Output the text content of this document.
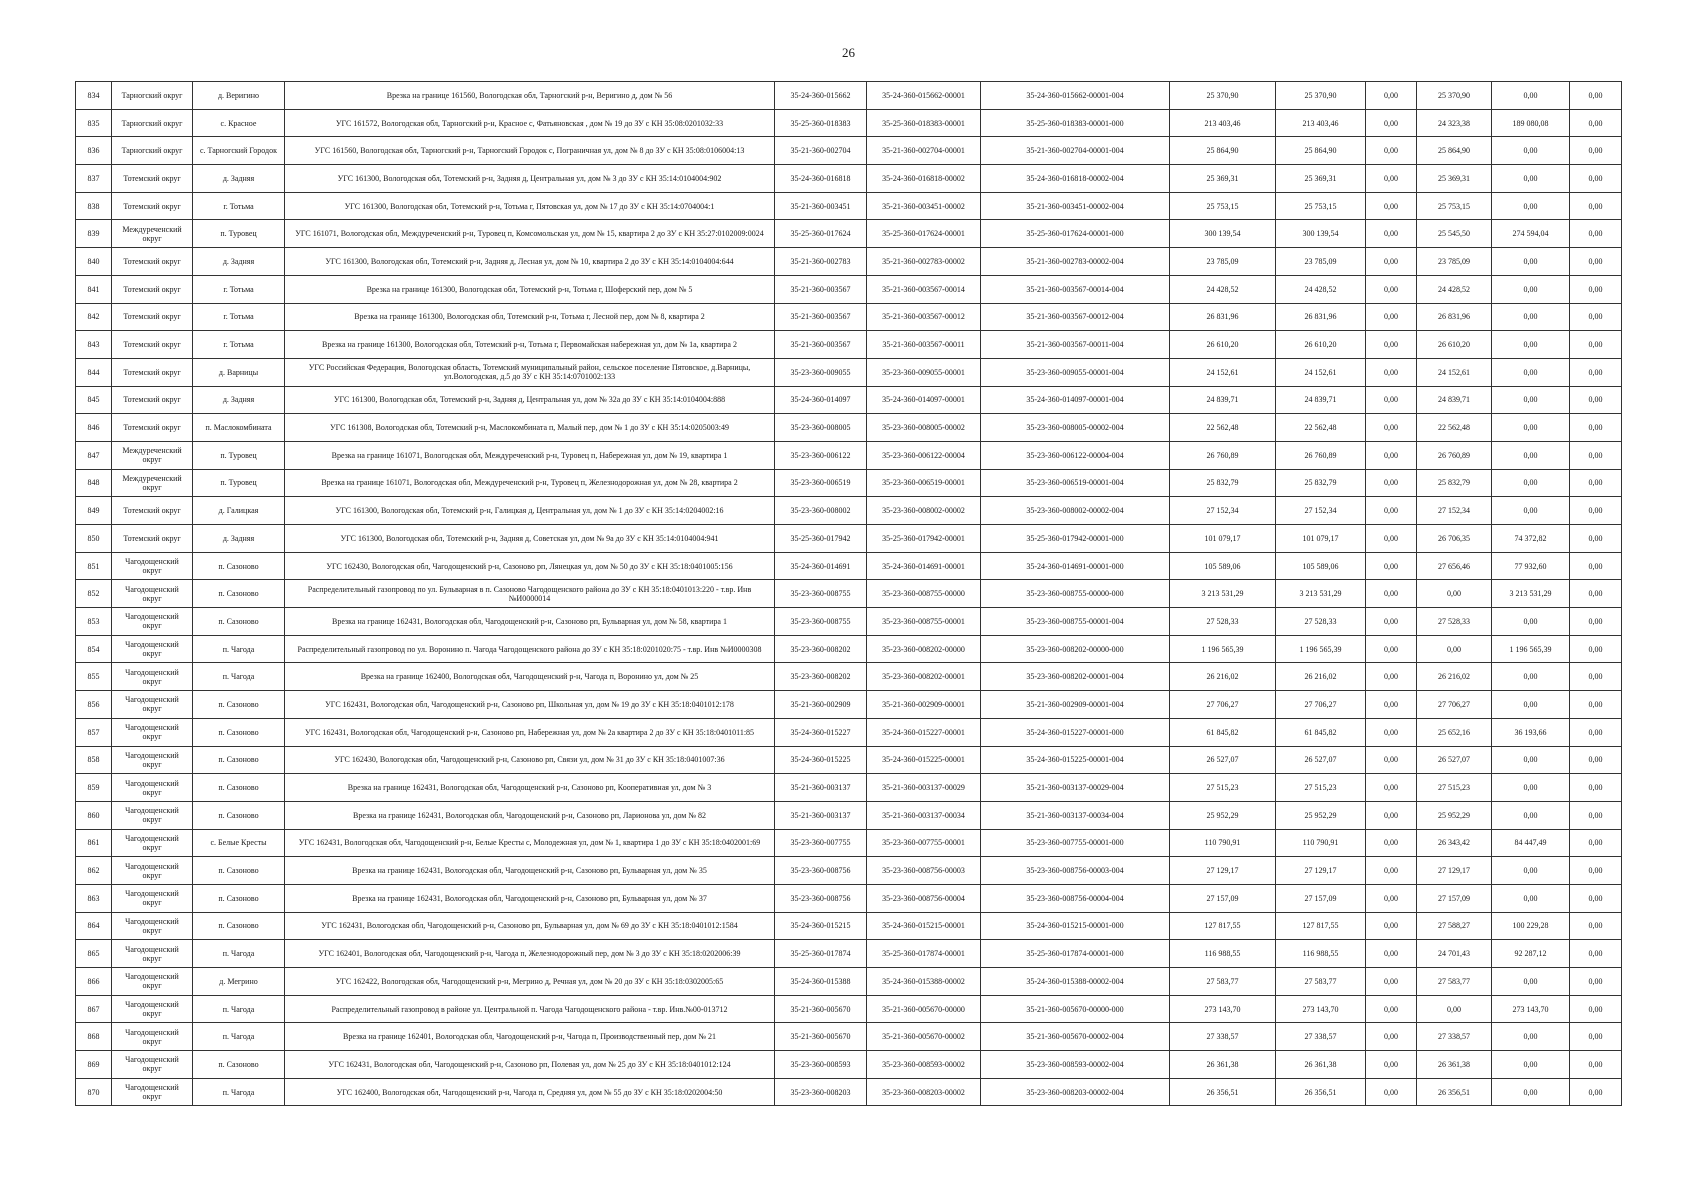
26
834	Тарногский округ	д. Веригино	Врезка на границе 161560, Вологодская обл, Тарногский р-н, Веригино д, дом № 56	35-24-360-015662	35-24-360-015662-00001	35-24-360-015662-00001-004	25 370,90	25 370,90	0,00	25 370,90	0,00	0,00
835	Тарногский округ	с. Красное	УГС 161572, Вологодская обл, Тарногский р-н, Красное с, Фатьяновская , дом № 19 до ЗУ с КН 35:08:0201032:33	35-25-360-018383	35-25-360-018383-00001	35-25-360-018383-00001-000	213 403,46	213 403,46	0,00	24 323,38	189 080,08	0,00
836	Тарногский округ	с. Тарногский Городок	УГС 161560, Вологодская обл, Тарногский р-н, Тарногский Городок с, Пограничная ул, дом № 8 до ЗУ с КН 35:08:0106004:13	35-21-360-002704	35-21-360-002704-00001	35-21-360-002704-00001-004	25 864,90	25 864,90	0,00	25 864,90	0,00	0,00
837	Тотемский округ	д. Задняя	УГС 161300, Вологодская обл, Тотемский р-н, Задняя д, Центральная ул, дом № 3 до ЗУ с КН 35:14:0104004:902	35-24-360-016818	35-24-360-016818-00002	35-24-360-016818-00002-004	25 369,31	25 369,31	0,00	25 369,31	0,00	0,00
838	Тотемский округ	г. Тотьма	УГС 161300, Вологодская обл, Тотемский р-н, Тотьма г, Пятовская ул, дом № 17 до ЗУ с КН 35:14:0704004:1	35-21-360-003451	35-21-360-003451-00002	35-21-360-003451-00002-004	25 753,15	25 753,15	0,00	25 753,15	0,00	0,00
839	Междуреченский округ	п. Туровец	УГС 161071, Вологодская обл, Междуреченский р-н, Туровец п, Комсомольская ул, дом № 15, квартира 2 до ЗУ с КН 35:27:0102009:0024	35-25-360-017624	35-25-360-017624-00001	35-25-360-017624-00001-000	300 139,54	300 139,54	0,00	25 545,50	274 594,04	0,00
840	Тотемский округ	д. Задняя	УГС 161300, Вологодская обл, Тотемский р-н, Задняя д, Лесная ул, дом № 10, квартира 2 до ЗУ с КН 35:14:0104004:644	35-21-360-002783	35-21-360-002783-00002	35-21-360-002783-00002-004	23 785,09	23 785,09	0,00	23 785,09	0,00	0,00
841	Тотемский округ	г. Тотьма	Врезка на границе 161300, Вологодская обл, Тотемский р-н, Тотьма г, Шоферский пер, дом № 5	35-21-360-003567	35-21-360-003567-00014	35-21-360-003567-00014-004	24 428,52	24 428,52	0,00	24 428,52	0,00	0,00
842	Тотемский округ	г. Тотьма	Врезка на границе 161300, Вологодская обл, Тотемский р-н, Тотьма г, Лесной пер, дом № 8, квартира 2	35-21-360-003567	35-21-360-003567-00012	35-21-360-003567-00012-004	26 831,96	26 831,96	0,00	26 831,96	0,00	0,00
843	Тотемский округ	г. Тотьма	Врезка на границе 161300, Вологодская обл, Тотемский р-н, Тотьма г, Первомайская набережная ул, дом № 1а, квартира 2	35-21-360-003567	35-21-360-003567-00011	35-21-360-003567-00011-004	26 610,20	26 610,20	0,00	26 610,20	0,00	0,00
844	Тотемский округ	д. Варницы	УГС Российская Федерация, Вологодская область, Тотемский муниципальный район, сельское поселение Пятовское, д.Варницы, ул.Вологодская, д.5 до ЗУ с КН 35:14:0701002:133	35-23-360-009055	35-23-360-009055-00001	35-23-360-009055-00001-004	24 152,61	24 152,61	0,00	24 152,61	0,00	0,00
845	Тотемский округ	д. Задняя	УГС 161300, Вологодская обл, Тотемский р-н, Задняя д, Центральная ул, дом № 32а до ЗУ с КН 35:14:0104004:888	35-24-360-014097	35-24-360-014097-00001	35-24-360-014097-00001-004	24 839,71	24 839,71	0,00	24 839,71	0,00	0,00
846	Тотемский округ	п. Маслокомбината	УГС 161308, Вологодская обл, Тотемский р-н, Маслокомбината п, Малый пер, дом № 1 до ЗУ с КН 35:14:0205003:49	35-23-360-008005	35-23-360-008005-00002	35-23-360-008005-00002-004	22 562,48	22 562,48	0,00	22 562,48	0,00	0,00
847	Междуреченский округ	п. Туровец	Врезка на границе 161071, Вологодская обл, Междуреченский р-н, Туровец п, Набережная ул, дом № 19, квартира 1	35-23-360-006122	35-23-360-006122-00004	35-23-360-006122-00004-004	26 760,89	26 760,89	0,00	26 760,89	0,00	0,00
848	Междуреченский округ	п. Туровец	Врезка на границе 161071, Вологодская обл, Междуреченский р-н, Туровец п, Железнодорожная ул, дом № 28, квартира 2	35-23-360-006519	35-23-360-006519-00001	35-23-360-006519-00001-004	25 832,79	25 832,79	0,00	25 832,79	0,00	0,00
849	Тотемский округ	д. Галицкая	УГС 161300, Вологодская обл, Тотемский р-н, Галицкая д, Центральная ул, дом № 1 до ЗУ с КН 35:14:0204002:16	35-23-360-008002	35-23-360-008002-00002	35-23-360-008002-00002-004	27 152,34	27 152,34	0,00	27 152,34	0,00	0,00
850	Тотемский округ	д. Задняя	УГС 161300, Вологодская обл, Тотемский р-н, Задняя д, Советская ул, дом № 9а до ЗУ с КН 35:14:0104004:941	35-25-360-017942	35-25-360-017942-00001	35-25-360-017942-00001-000	101 079,17	101 079,17	0,00	26 706,35	74 372,82	0,00
851	Чагодощенский округ	п. Сазоново	УГС 162430, Вологодская обл, Чагодощенский р-н, Сазоново рп, Лянецкая ул, дом № 50 до ЗУ с КН 35:18:0401005:156	35-24-360-014691	35-24-360-014691-00001	35-24-360-014691-00001-000	105 589,06	105 589,06	0,00	27 656,46	77 932,60	0,00
852	Чагодощенский округ	п. Сазоново	Распределительный газопровод по ул. Бульварная в п. Сазоново Чагодощенского района до ЗУ с КН 35:18:0401013:220 - т.вр. Инв №И0000014	35-23-360-008755	35-23-360-008755-00000	35-23-360-008755-00000-000	3 213 531,29	3 213 531,29	0,00	0,00	3 213 531,29	0,00
853	Чагодощенский округ	п. Сазоново	Врезка на границе 162431, Вологодская обл, Чагодощенский р-н, Сазоново рп, Бульварная ул, дом № 58, квартира 1	35-23-360-008755	35-23-360-008755-00001	35-23-360-008755-00001-004	27 528,33	27 528,33	0,00	27 528,33	0,00	0,00
854	Чагодощенский округ	п. Чагода	Распределительный газопровод по ул. Воронино п. Чагода Чагодощенского района до ЗУ с КН 35:18:0201020:75 - т.вр. Инв №И0000308	35-23-360-008202	35-23-360-008202-00000	35-23-360-008202-00000-000	1 196 565,39	1 196 565,39	0,00	0,00	1 196 565,39	0,00
855	Чагодощенский округ	п. Чагода	Врезка на границе 162400, Вологодская обл, Чагодощенский р-н, Чагода п, Воронино ул, дом № 25	35-23-360-008202	35-23-360-008202-00001	35-23-360-008202-00001-004	26 216,02	26 216,02	0,00	26 216,02	0,00	0,00
856	Чагодощенский округ	п. Сазоново	УГС 162431, Вологодская обл, Чагодощенский р-н, Сазоново рп, Школьная ул, дом № 19 до ЗУ с КН 35:18:0401012:178	35-21-360-002909	35-21-360-002909-00001	35-21-360-002909-00001-004	27 706,27	27 706,27	0,00	27 706,27	0,00	0,00
857	Чагодощенский округ	п. Сазоново	УГС 162431, Вологодская обл, Чагодощенский р-н, Сазоново рп, Набережная ул, дом № 2а квартира 2 до ЗУ с КН 35:18:0401011:85	35-24-360-015227	35-24-360-015227-00001	35-24-360-015227-00001-000	61 845,82	61 845,82	0,00	25 652,16	36 193,66	0,00
858	Чагодощенский округ	п. Сазоново	УГС 162430, Вологодская обл, Чагодощенский р-н, Сазоново рп, Связи ул, дом № 31 до ЗУ с КН 35:18:0401007:36	35-24-360-015225	35-24-360-015225-00001	35-24-360-015225-00001-004	26 527,07	26 527,07	0,00	26 527,07	0,00	0,00
859	Чагодощенский округ	п. Сазоново	Врезка на границе 162431, Вологодская обл, Чагодощенский р-н, Сазоново рп, Кооперативная ул, дом № 3	35-21-360-003137	35-21-360-003137-00029	35-21-360-003137-00029-004	27 515,23	27 515,23	0,00	27 515,23	0,00	0,00
860	Чагодощенский округ	п. Сазоново	Врезка на границе 162431, Вологодская обл, Чагодощенский р-н, Сазоново рп, Ларионова ул, дом № 82	35-21-360-003137	35-21-360-003137-00034	35-21-360-003137-00034-004	25 952,29	25 952,29	0,00	25 952,29	0,00	0,00
861	Чагодощенский округ	с. Белые Кресты	УГС 162431, Вологодская обл, Чагодощенский р-н, Белые Кресты с, Молодежная ул, дом № 1, квартира 1 до ЗУ с КН 35:18:0402001:69	35-23-360-007755	35-23-360-007755-00001	35-23-360-007755-00001-000	110 790,91	110 790,91	0,00	26 343,42	84 447,49	0,00
862	Чагодощенский округ	п. Сазоново	Врезка на границе 162431, Вологодская обл, Чагодощенский р-н, Сазоново рп, Бульварная ул, дом № 35	35-23-360-008756	35-23-360-008756-00003	35-23-360-008756-00003-004	27 129,17	27 129,17	0,00	27 129,17	0,00	0,00
863	Чагодощенский округ	п. Сазоново	Врезка на границе 162431, Вологодская обл, Чагодощенский р-н, Сазоново рп, Бульварная ул, дом № 37	35-23-360-008756	35-23-360-008756-00004	35-23-360-008756-00004-004	27 157,09	27 157,09	0,00	27 157,09	0,00	0,00
864	Чагодощенский округ	п. Сазоново	УГС 162431, Вологодская обл, Чагодощенский р-н, Сазоново рп, Бульварная ул, дом № 69 до ЗУ с КН 35:18:0401012:1584	35-24-360-015215	35-24-360-015215-00001	35-24-360-015215-00001-000	127 817,55	127 817,55	0,00	27 588,27	100 229,28	0,00
865	Чагодощенский округ	п. Чагода	УГС 162401, Вологодская обл, Чагодощенский р-н, Чагода п, Железнодорожный пер, дом № 3 до ЗУ с КН 35:18:0202006:39	35-25-360-017874	35-25-360-017874-00001	35-25-360-017874-00001-000	116 988,55	116 988,55	0,00	24 701,43	92 287,12	0,00
866	Чагодощенский округ	д. Мегрино	УГС 162422, Вологодская обл, Чагодощенский р-н, Мегрино д, Речная ул, дом № 20 до ЗУ с КН 35:18:0302005:65	35-24-360-015388	35-24-360-015388-00002	35-24-360-015388-00002-004	27 583,77	27 583,77	0,00	27 583,77	0,00	0,00
867	Чагодощенский округ	п. Чагода	Распределительный газопровод в районе ул. Центральной п. Чагода Чагодощенского района - т.вр. Инв.№00-013712	35-21-360-005670	35-21-360-005670-00000	35-21-360-005670-00000-000	273 143,70	273 143,70	0,00	0,00	273 143,70	0,00
868	Чагодощенский округ	п. Чагода	Врезка на границе 162401, Вологодская обл, Чагодощенский р-н, Чагода п, Производственный пер, дом № 21	35-21-360-005670	35-21-360-005670-00002	35-21-360-005670-00002-004	27 338,57	27 338,57	0,00	27 338,57	0,00	0,00
869	Чагодощенский округ	п. Сазоново	УГС 162431, Вологодская обл, Чагодощенский р-н, Сазоново рп, Полевая ул, дом № 25 до ЗУ с КН 35:18:0401012:124	35-23-360-008593	35-23-360-008593-00002	35-23-360-008593-00002-004	26 361,38	26 361,38	0,00	26 361,38	0,00	0,00
870	Чагодощенский округ	п. Чагода	УГС 162400, Вологодская обл, Чагодощенский р-н, Чагода п, Средняя ул, дом № 55 до ЗУ с КН 35:18:0202004:50	35-23-360-008203	35-23-360-008203-00002	35-23-360-008203-00002-004	26 356,51	26 356,51	0,00	26 356,51	0,00	0,00
